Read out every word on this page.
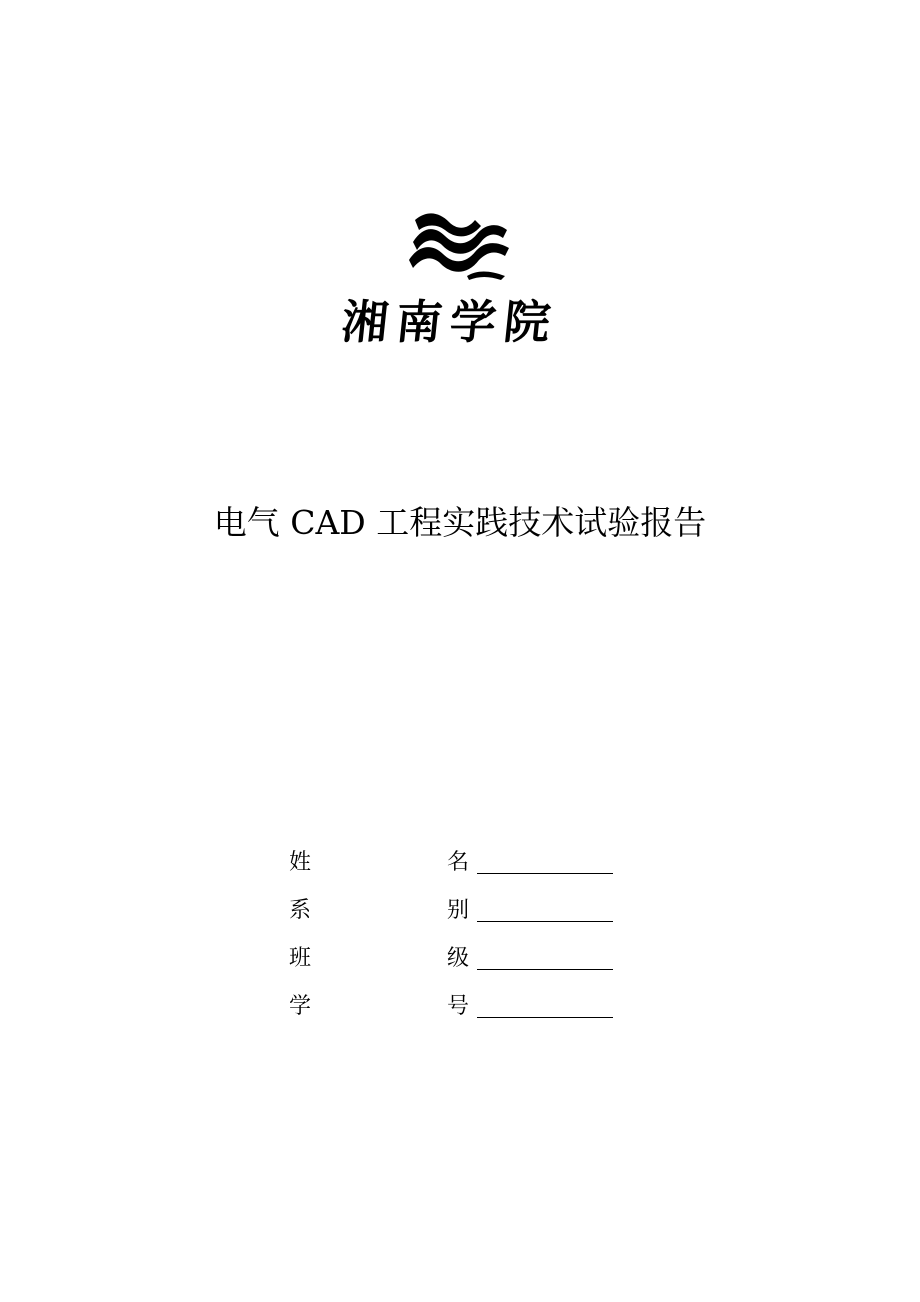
湘南学院
电气 CAD 工程实践技术试验报告
姓	名
系	别
班	级
学	号
